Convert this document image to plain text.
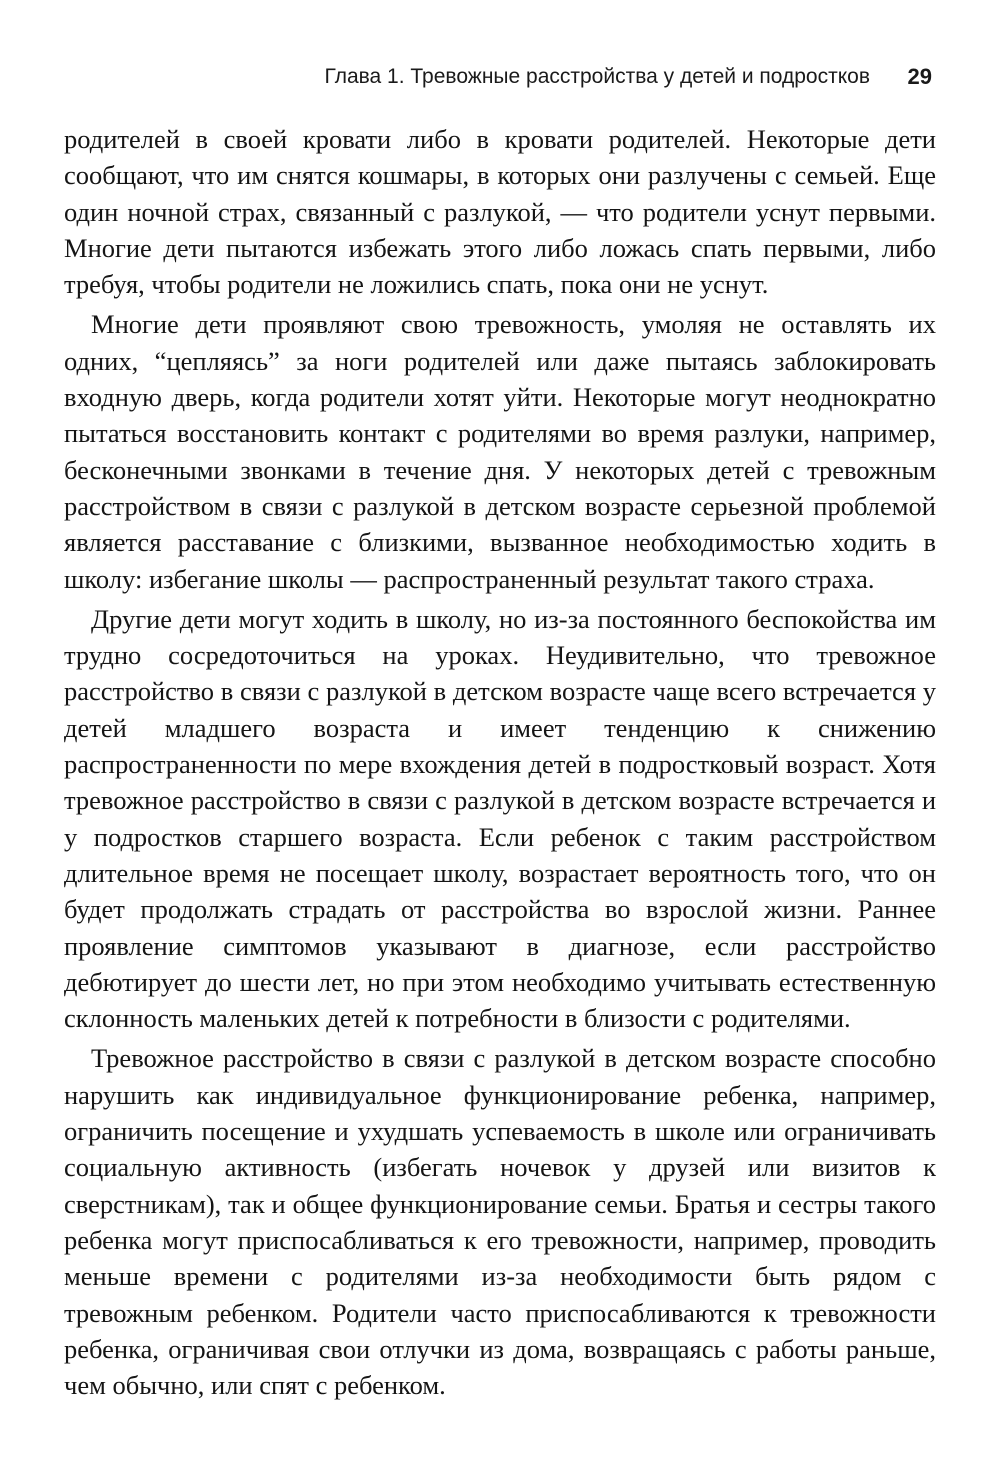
Глава 1. Тревожные расстройства у детей и подростков 29

родителей в своей кровати либо в кровати родителей. Некоторые дети сообщают, что им снятся кошмары, в которых они разлучены с семьей. Еще один ночной страх, связанный с разлукой, — что родители уснут первыми. Многие дети пытаются избежать этого либо ложась спать первыми, либо требуя, чтобы родители не ложились спать, пока они не уснут.

Многие дети проявляют свою тревожность, умоляя не оставлять их одних, “цепляясь” за ноги родителей или даже пытаясь заблокировать входную дверь, когда родители хотят уйти. Некоторые могут неоднократно пытаться восстановить контакт с родителями во время разлуки, например, бесконечными звонками в течение дня. У некоторых детей с тревожным расстройством в связи с разлукой в детском возрасте серьезной проблемой является расставание с близкими, вызванное необходимостью ходить в школу: избегание школы — распространенный результат такого страха.

Другие дети могут ходить в школу, но из-за постоянного беспокойства им трудно сосредоточиться на уроках. Неудивительно, что тревожное расстройство в связи с разлукой в детском возрасте чаще всего встречается у детей младшего возраста и имеет тенденцию к снижению распространенности по мере вхождения детей в подростковый возраст. Хотя тревожное расстройство в связи с разлукой в детском возрасте встречается и у подростков старшего возраста. Если ребенок с таким расстройством длительное время не посещает школу, возрастает вероятность того, что он будет продолжать страдать от расстройства во взрослой жизни. Раннее проявление симптомов указывают в диагнозе, если расстройство дебютирует до шести лет, но при этом необходимо учитывать естественную склонность маленьких детей к потребности в близости с родителями.

Тревожное расстройство в связи с разлукой в детском возрасте способно нарушить как индивидуальное функционирование ребенка, например, ограничить посещение и ухудшать успеваемость в школе или ограничивать социальную активность (избегать ночевок у друзей или визитов к сверстникам), так и общее функционирование семьи. Братья и сестры такого ребенка могут приспосабливаться к его тревожности, например, проводить меньше времени с родителями из-за необходимости быть рядом с тревожным ребенком. Родители часто приспосабливаются к тревожности ребенка, ограничивая свои отлучки из дома, возвращаясь с работы раньше, чем обычно, или спят с ребенком.
